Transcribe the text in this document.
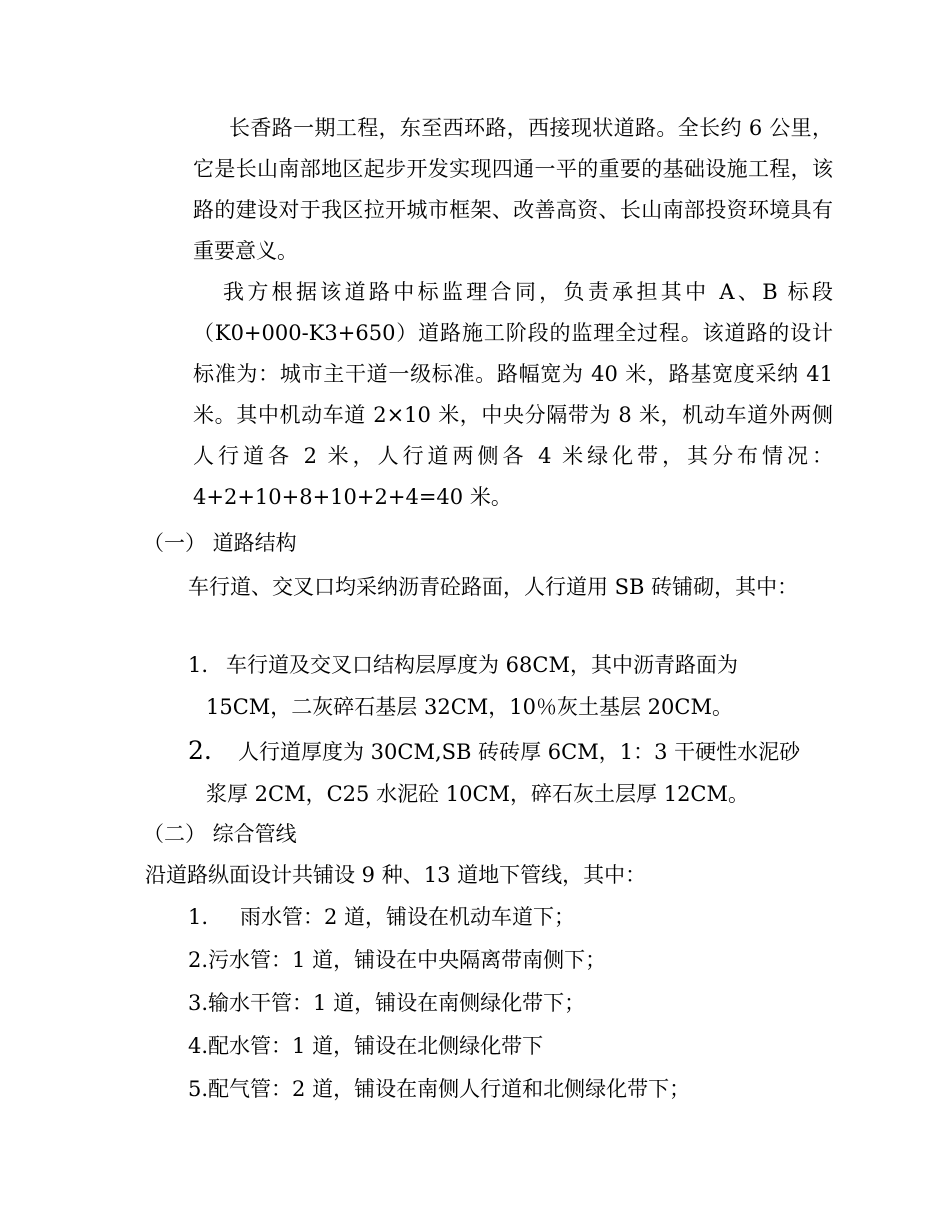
长香路一期工程，东至西环路，西接现状道路。全长约 6 公里，它是长山南部地区起步开发实现四通一平的重要的基础设施工程，该路的建设对于我区拉开城市框架、改善高资、长山南部投资环境具有重要意义。

我方根据该道路中标监理合同，负责承担其中 A、B 标段（K0+000-K3+650）道路施工阶段的监理全过程。该道路的设计标准为：城市主干道一级标准。路幅宽为 40 米，路基宽度采纳 41 米。其中机动车道 2×10 米，中央分隔带为 8 米，机动车道外两侧人行道各 2 米，人行道两侧各 4 米绿化带，其分布情况： 4+2+10+8+10+2+4=40 米。

（一） 道路结构

车行道、交叉口均采纳沥青砼路面，人行道用 SB 砖铺砌，其中：

1. 车行道及交叉口结构层厚度为 68CM，其中沥青路面为
15CM，二灰碎石基层 32CM，10％灰土基层 20CM。
2. 人行道厚度为 30CM,SB 砖砖厚 6CM，1：3 干硬性水泥砂
浆厚 2CM，C25 水泥砼 10CM，碎石灰土层厚 12CM。

（二） 综合管线

沿道路纵面设计共铺设 9 种、13 道地下管线，其中：

1. 雨水管：2 道，铺设在机动车道下；

2.污水管：1 道，铺设在中央隔离带南侧下；

3.输水干管：1 道，铺设在南侧绿化带下；

4.配水管：1 道，铺设在北侧绿化带下

5.配气管：2 道，铺设在南侧人行道和北侧绿化带下；
